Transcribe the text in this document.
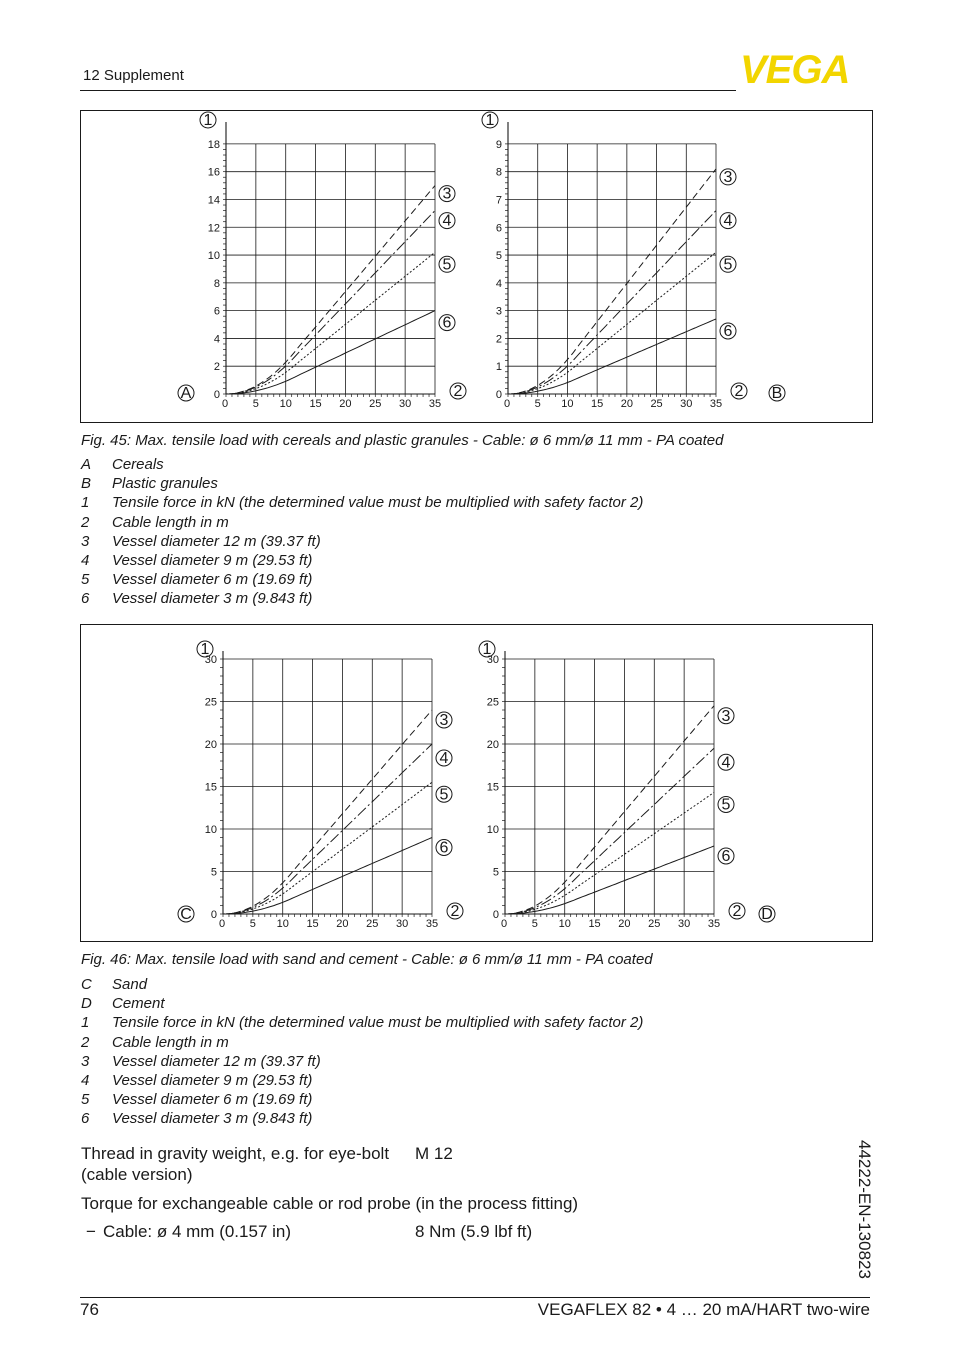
12 Supplement	VEGA
0
2
4
6
8
10
12
14
16
18
0 5 10 15 20 25 30 35
1
2
3
4
5
6
0
1
2
3
4
5
6
7
8
9
0 5 10 15 20 25 30 35
1
2
3
4
5
6
A	B
Fig. 45: Max. tensile load with cereals and plastic granules - Cable: ø 6 mm/ø 11 mm - PA coated
A Cereals
B Plastic granules
1 Tensile force in kN (the determined value must be multiplied with safety factor 2)
2 Cable length in m
3 Vessel diameter 12 m (39.37 ft)
4 Vessel diameter 9 m (29.53 ft)
5 Vessel diameter 6 m (19.69 ft)
6 Vessel diameter 3 m (9.843 ft)
0
5
10
15
20
25
30
0 5 10 15 20 25 30 35
1
2
3
4
5
6
0
5
10
15
20
25
30
0 5 10 15 20 25 30 35
1
2
3
4
5
6
C	D
Fig. 46: Max. tensile load with sand and cement - Cable: ø 6 mm/ø 11 mm - PA coated
C Sand
D Cement
1 Tensile force in kN (the determined value must be multiplied with safety factor 2)
2 Cable length in m
3 Vessel diameter 12 m (39.37 ft)
4 Vessel diameter 9 m (29.53 ft)
5 Vessel diameter 6 m (19.69 ft)
6 Vessel diameter 3 m (9.843 ft)
Thread in gravity weight, e.g. for eye-bolt M 12
(cable version)
Torque for exchangeable cable or rod probe (in the process fitting)
− Cable: ø 4 mm (0.157 in)	8 Nm (5.9 lbf ft)	44222-EN-130823
76	VEGAFLEX 82 • 4 … 20 mA/HART two-wire
